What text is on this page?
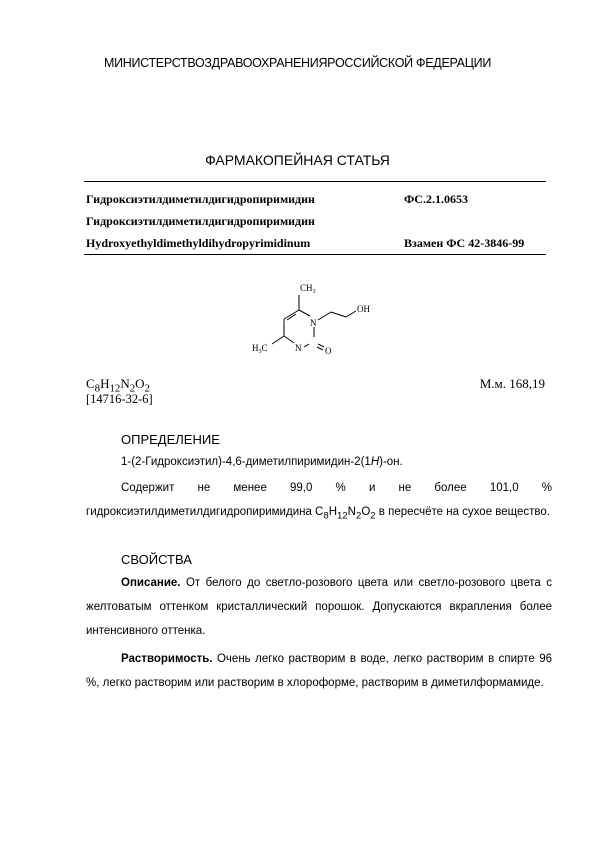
МИНИСТЕРСТВОЗДРАВООХРАНЕНИЯРОССИЙСКОЙ ФЕДЕРАЦИИ
ФАРМАКОПЕЙНАЯ СТАТЬЯ
Гидроксиэтилдиметилдигидропиримидин	ФС.2.1.0653
Гидроксиэтилдиметилдигидропиримидин
Hydroxyethyldimethyldihydropyrimidinum	Взамен ФС 42-3846-99
$CH_3$
OH
N
N	O
$H_3C$
$C_8H_{12}N_2O_2$
[14716-32-6]
М.м. 168,19
ОПРЕДЕЛЕНИЕ
1-(2-Гидроксиэтил)-4,6-диметилпиримидин-2(1H)-он.
Содержит не менее 99,0 % и не более 101,0 % гидроксиэтилдиметилдигидропиримидина $C_8H_{12}N_2O_2$ в пересчёте на сухое вещество.
СВОЙСТВА
Описание. От белого до светло-розового цвета или светло-розового цвета с желтоватым оттенком кристаллический порошок. Допускаются вкрапления более интенсивного оттенка.
Растворимость. Очень легко растворим в воде, легко растворим в спирте 96 %, легко растворим или растворим в хлороформе, растворим в диметилформамиде.
